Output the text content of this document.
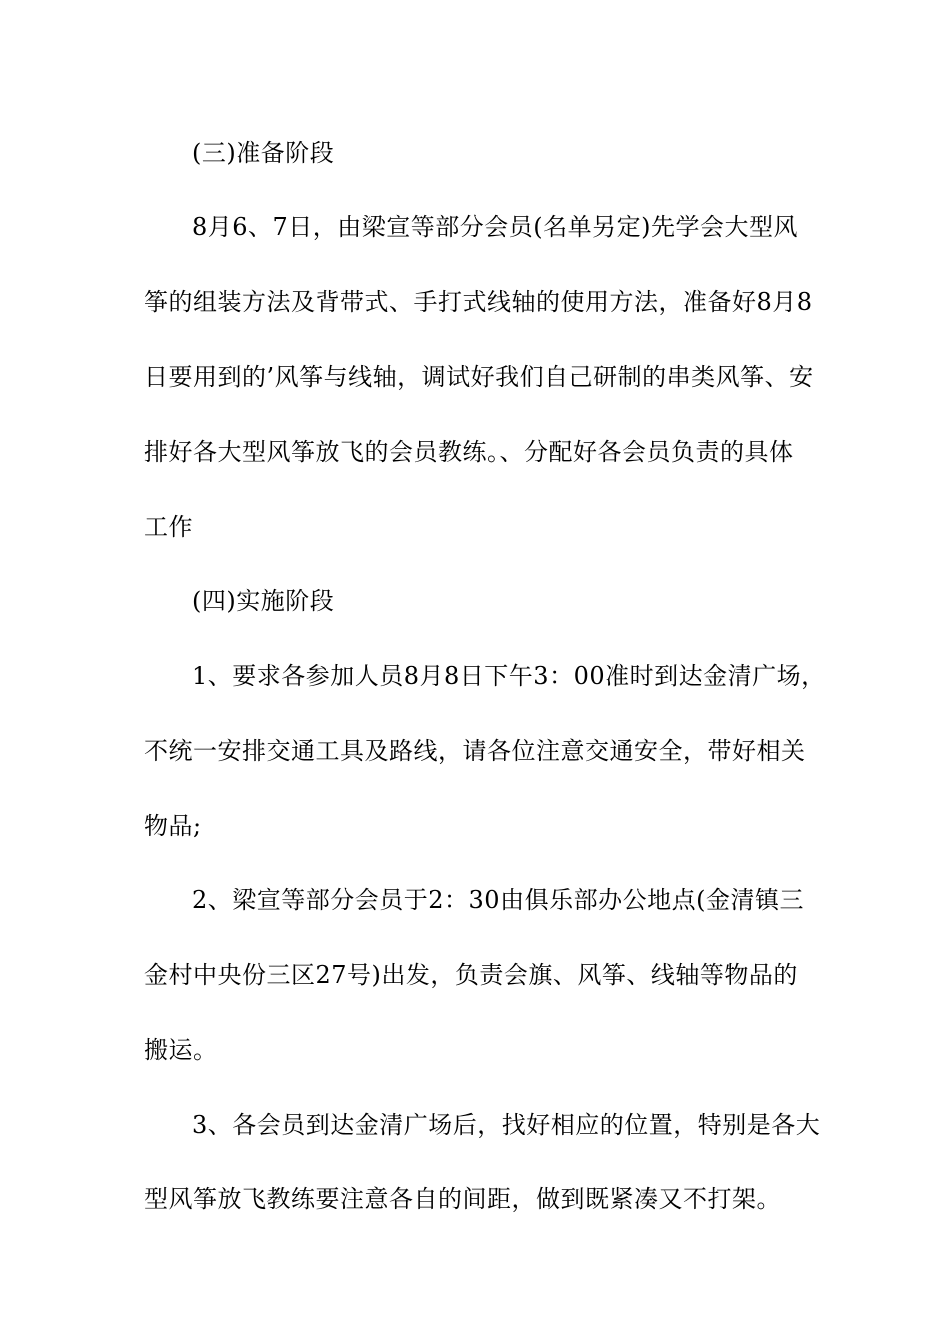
(三)准备阶段
8月6、7日，由梁宣等部分会员(名单另定)先学会大型风
筝的组装方法及背带式、手打式线轴的使用方法，准备好8月8
日要用到的’风筝与线轴，调试好我们自己研制的串类风筝、安
排好各大型风筝放飞的会员教练。、分配好各会员负责的具体
工作
(四)实施阶段
1、要求各参加人员8月8日下午3：00准时到达金清广场，
不统一安排交通工具及路线，请各位注意交通安全，带好相关
物品;
2、梁宣等部分会员于2：30由俱乐部办公地点(金清镇三
金村中央份三区27号)出发，负责会旗、风筝、线轴等物品的
搬运。
3、各会员到达金清广场后，找好相应的位置，特别是各大
型风筝放飞教练要注意各自的间距，做到既紧凑又不打架。
